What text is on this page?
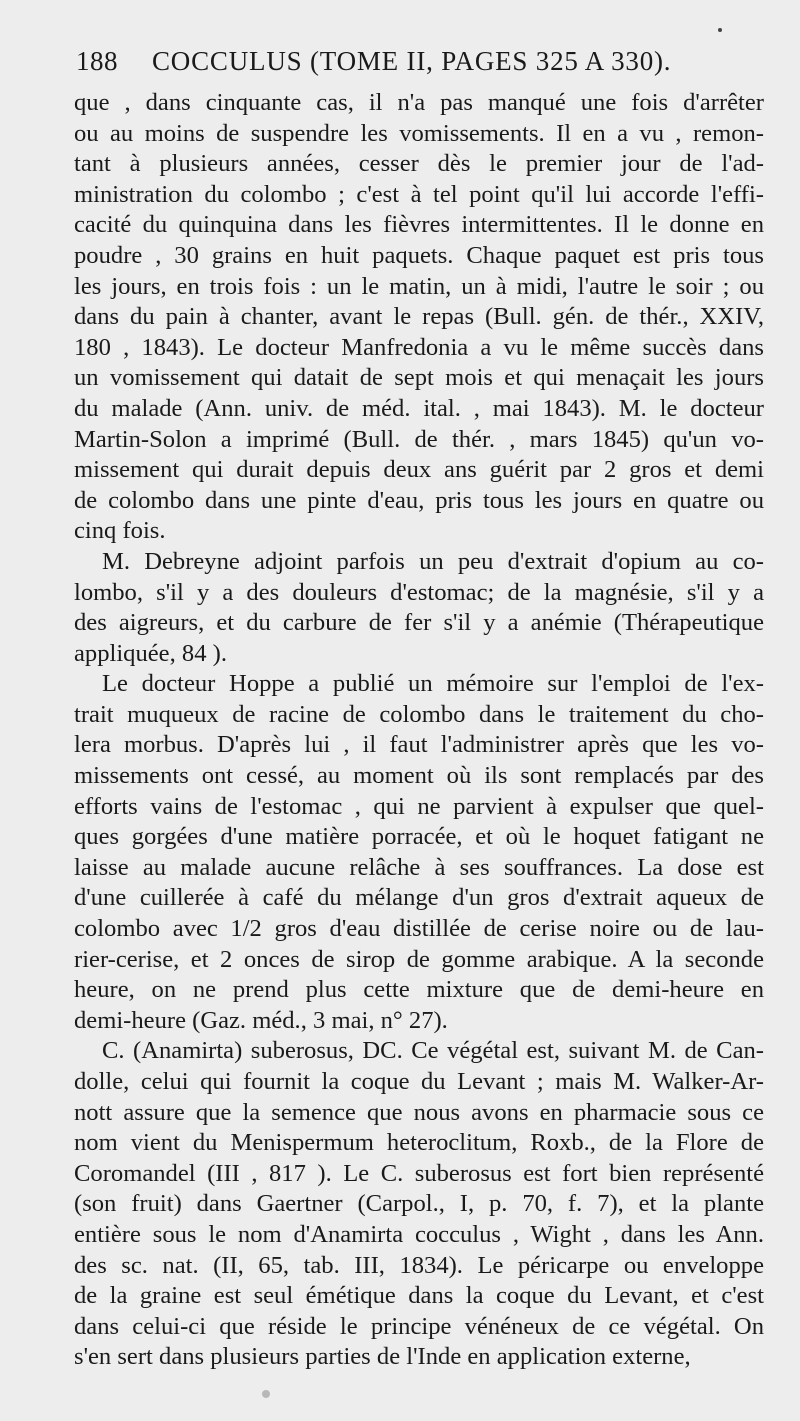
188	COCCULUS (TOME II, PAGES 325 A 330).
que , dans cinquante cas, il n'a pas manqué une fois d'arrêter
ou au moins de suspendre les vomissements. Il en a vu , remon-
tant à plusieurs années, cesser dès le premier jour de l'ad-
ministration du colombo ; c'est à tel point qu'il lui accorde l'effi-
cacité du quinquina dans les fièvres intermittentes. Il le donne en
poudre , 30 grains en huit paquets. Chaque paquet est pris tous
les jours, en trois fois : un le matin, un à midi, l'autre le soir ; ou
dans du pain à chanter, avant le repas (Bull. gén. de thér., XXIV,
180 , 1843). Le docteur Manfredonia a vu le même succès dans
un vomissement qui datait de sept mois et qui menaçait les jours
du malade (Ann. univ. de méd. ital. , mai 1843). M. le docteur
Martin-Solon a imprimé (Bull. de thér. , mars 1845) qu'un vo-
missement qui durait depuis deux ans guérit par 2 gros et demi
de colombo dans une pinte d'eau, pris tous les jours en quatre ou
cinq fois.
M. Debreyne adjoint parfois un peu d'extrait d'opium au co-
lombo, s'il y a des douleurs d'estomac; de la magnésie, s'il y a
des aigreurs, et du carbure de fer s'il y a anémie (Thérapeutique
appliquée, 84 ).
Le docteur Hoppe a publié un mémoire sur l'emploi de l'ex-
trait muqueux de racine de colombo dans le traitement du cho-
lera morbus. D'après lui , il faut l'administrer après que les vo-
missements ont cessé, au moment où ils sont remplacés par des
efforts vains de l'estomac , qui ne parvient à expulser que quel-
ques gorgées d'une matière porracée, et où le hoquet fatigant ne
laisse au malade aucune relâche à ses souffrances. La dose est
d'une cuillerée à café du mélange d'un gros d'extrait aqueux de
colombo avec 1/2 gros d'eau distillée de cerise noire ou de lau-
rier-cerise, et 2 onces de sirop de gomme arabique. A la seconde
heure, on ne prend plus cette mixture que de demi-heure en
demi-heure (Gaz. méd., 3 mai, n° 27).
C. (Anamirta) suberosus, DC. Ce végétal est, suivant M. de Can-
dolle, celui qui fournit la coque du Levant ; mais M. Walker-Ar-
nott assure que la semence que nous avons en pharmacie sous ce
nom vient du Menispermum heteroclitum, Roxb., de la Flore de
Coromandel (III , 817 ). Le C. suberosus est fort bien représenté
(son fruit) dans Gaertner (Carpol., I, p. 70, f. 7), et la plante
entière sous le nom d'Anamirta cocculus , Wight , dans les Ann.
des sc. nat. (II, 65, tab. III, 1834). Le péricarpe ou enveloppe
de la graine est seul émétique dans la coque du Levant, et c'est
dans celui-ci que réside le principe vénéneux de ce végétal. On
s'en sert dans plusieurs parties de l'Inde en application externe,
